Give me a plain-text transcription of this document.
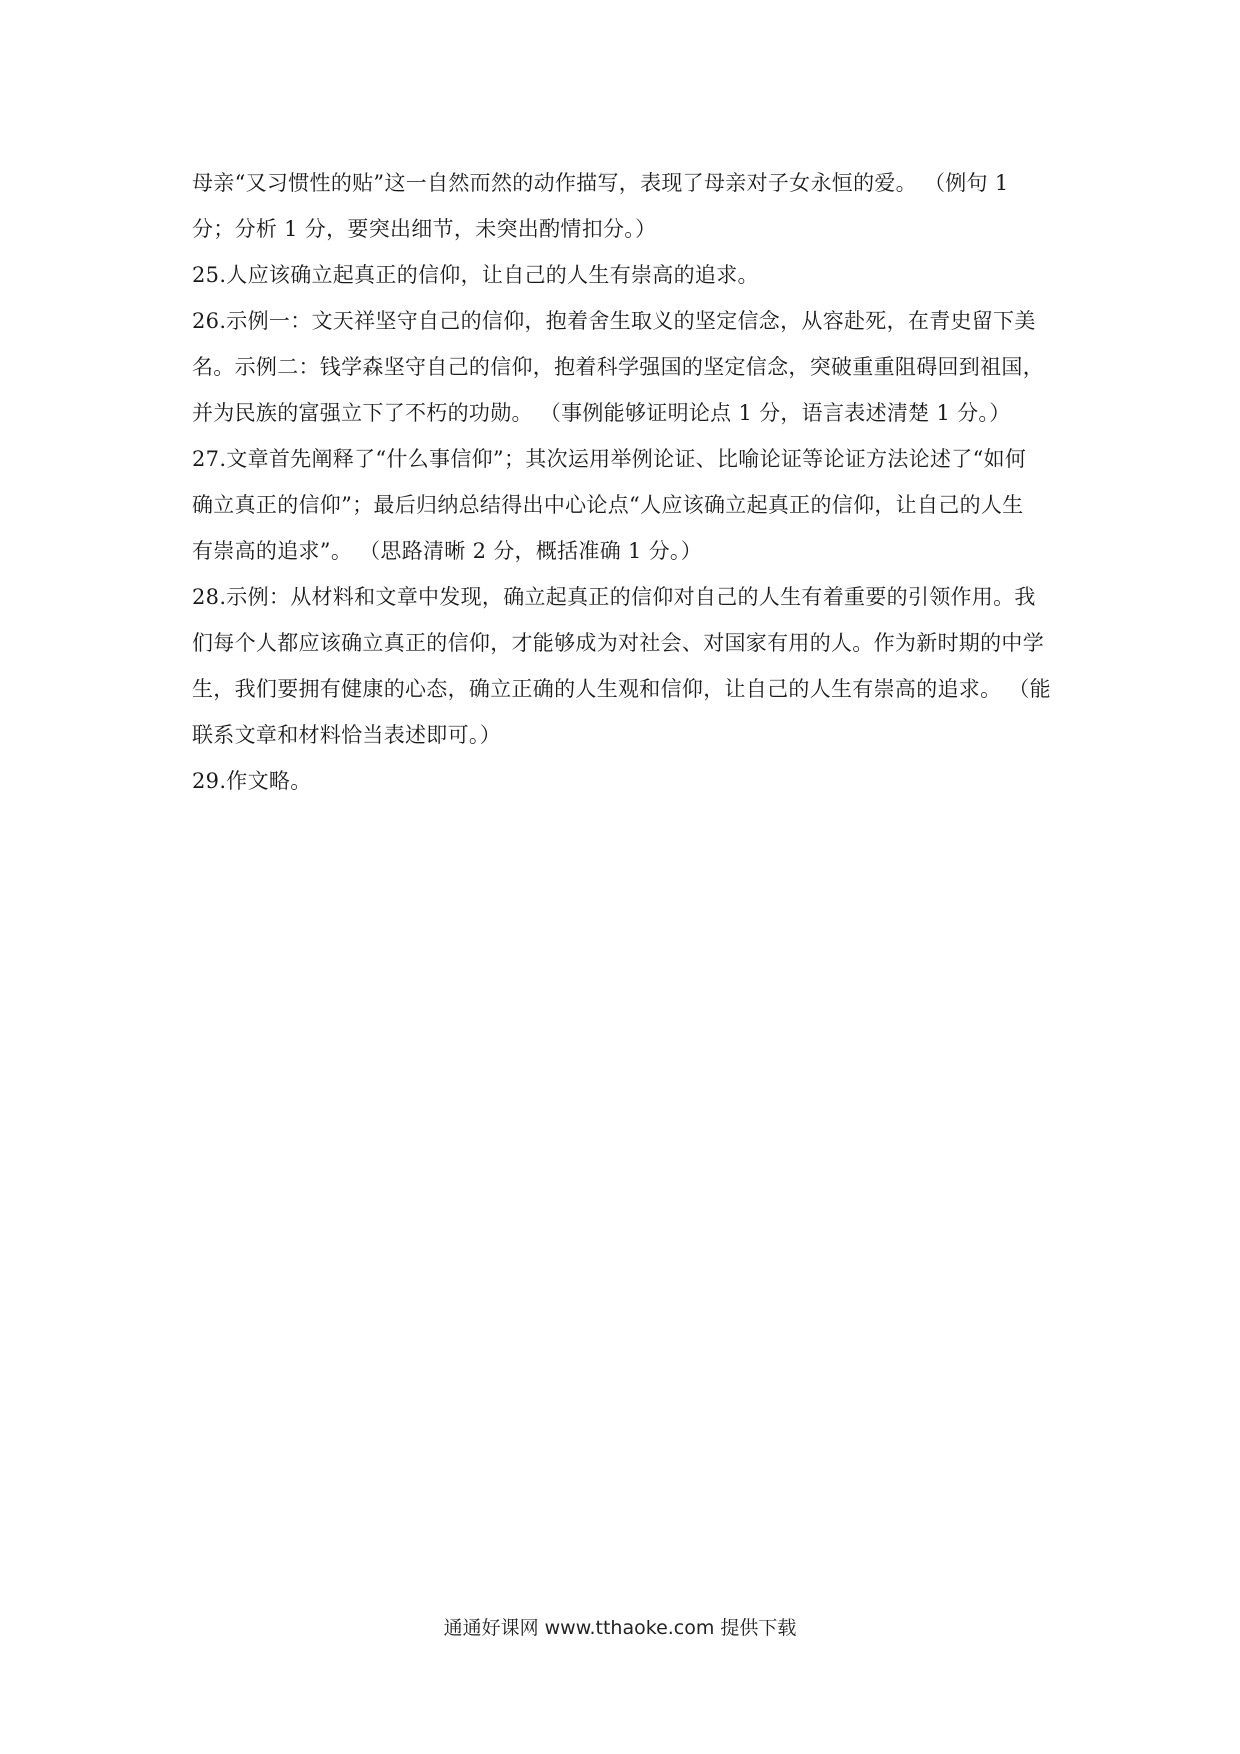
母亲“又习惯性的贴”这一自然而然的动作描写，表现了母亲对子女永恒的爱。 （例句 1
分；分析 1 分，要突出细节，未突出酌情扣分。）
25.人应该确立起真正的信仰，让自己的人生有崇高的追求。
26.示例一：文天祥坚守自己的信仰，抱着舍生取义的坚定信念，从容赴死，在青史留下美
名。示例二：钱学森坚守自己的信仰，抱着科学强国的坚定信念，突破重重阻碍回到祖国，
并为民族的富强立下了不朽的功勋。 （事例能够证明论点 1 分，语言表述清楚 1 分。）
27.文章首先阐释了“什么事信仰”；其次运用举例论证、比喻论证等论证方法论述了“如何
确立真正的信仰”；最后归纳总结得出中心论点“人应该确立起真正的信仰，让自己的人生
有崇高的追求”。 （思路清晰 2 分，概括准确 1 分。）
28.示例：从材料和文章中发现，确立起真正的信仰对自己的人生有着重要的引领作用。我
们每个人都应该确立真正的信仰，才能够成为对社会、对国家有用的人。作为新时期的中学
生，我们要拥有健康的心态，确立正确的人生观和信仰，让自己的人生有崇高的追求。 （能
联系文章和材料恰当表述即可。）
29.作文略。
通通好课网 www.tthaoke.com 提供下载
